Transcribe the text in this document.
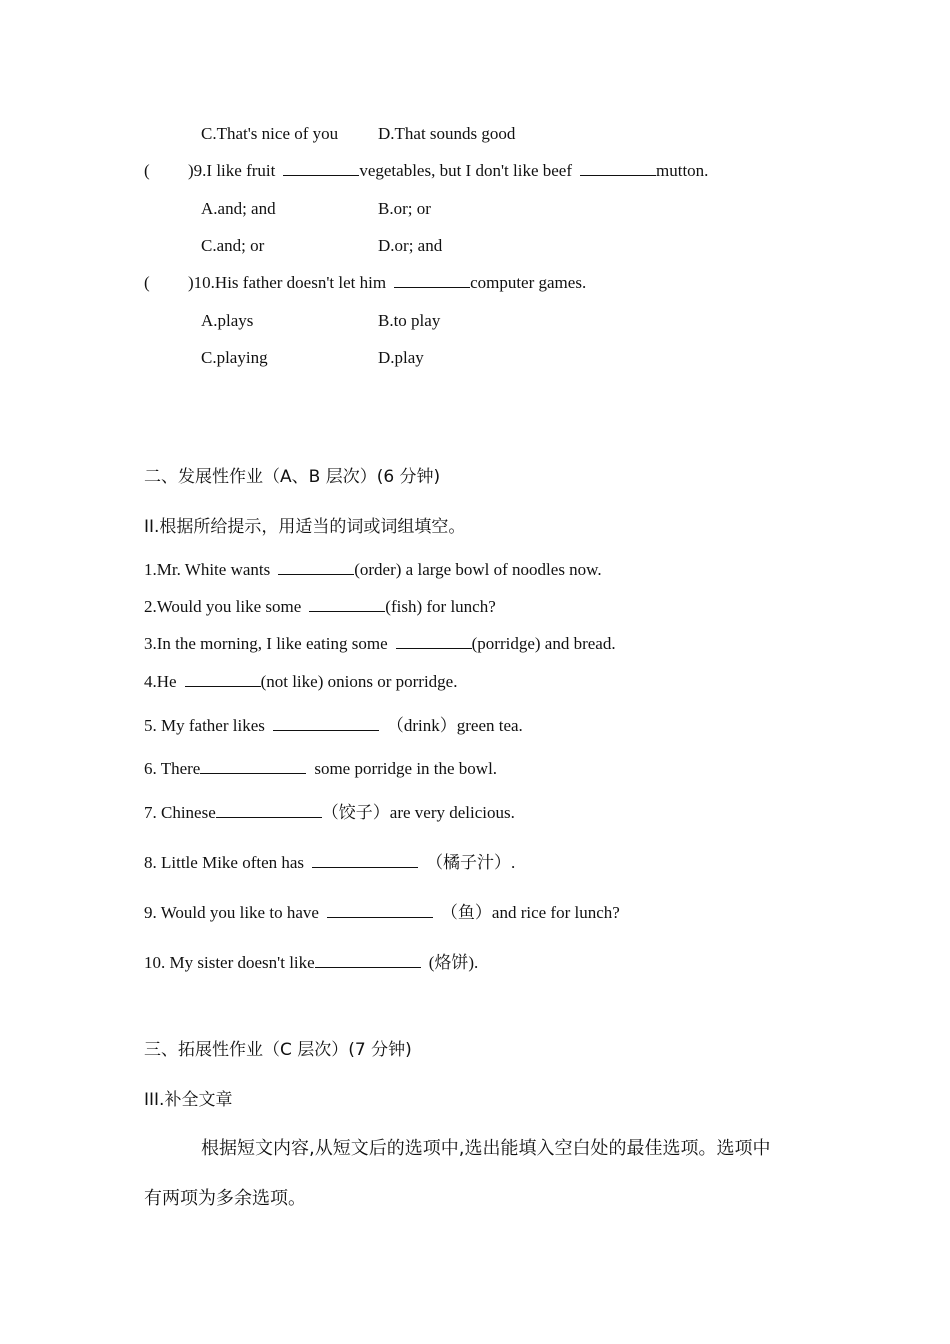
C.That's nice of you D.That sounds good
( )9.I like fruit	vegetables, but I don't like beef	mutton.
A.and; and	B.or; or
C.and; or	D.or; and
( )10.His father doesn't let him	computer games.
A.plays	B.to play
C.playing	D.play
二、发展性作业（A、B 层次）(6 分钟)
II.根据所给提示，用适当的词或词组填空。
1.Mr. White wants	(order) a large bowl of noodles now.
2.Would you like some	(fish) for lunch?
3.In the morning, I like eating some	(porridge) and bread.
4.He	(not like) onions or porridge.
5. My father likes	（drink）green tea.
6. There	some porridge in the bowl.
7. Chinese	（饺子）are very delicious.
8. Little Mike often has	（橘子汁）.
9. Would you like to have	（鱼）and rice for lunch?
10. My sister doesn't like	(烙饼).
三、拓展性作业（C 层次）(7 分钟)
III.补全文章
根据短文内容,从短文后的选项中,选出能填入空白处的最佳选项。选项中
有两项为多余选项。
